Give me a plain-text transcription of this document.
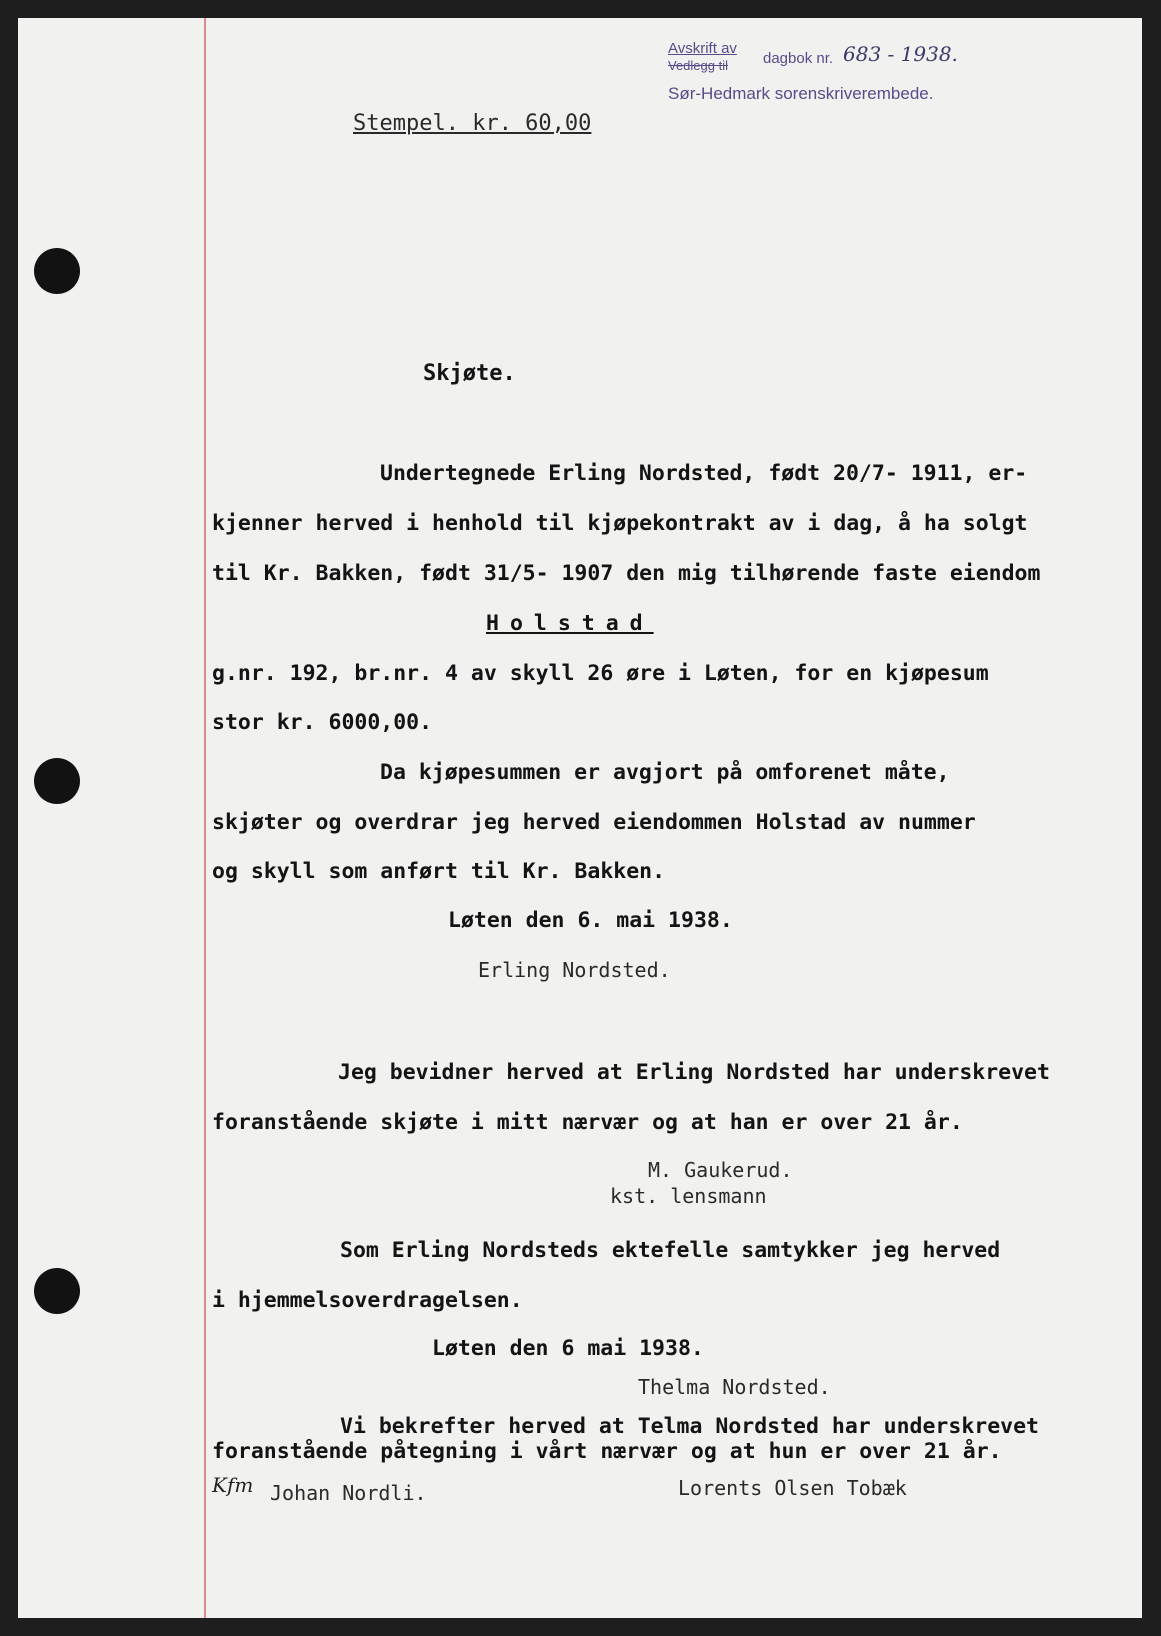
Avskrift av
Vedlegg til dagbok nr. 683 - 1938.
Sør-Hedmark sorenskriverembede.
Stempel. kr. 60,00
Skjøte.
Undertegnede Erling Nordsted, født 20/7- 1911, er-
kjenner herved i henhold til kjøpekontrakt av i dag, å ha solgt
til Kr. Bakken, født 31/5- 1907 den mig tilhørende faste eiendom
Holstad
g.nr. 192, br.nr. 4 av skyll 26 øre i Løten, for en kjøpesum
stor kr. 6000,00.
Da kjøpesummen er avgjort på omforenet måte,
skjøter og overdrar jeg herved eiendommen Holstad av nummer
og skyll som anført til Kr. Bakken.
Løten den 6. mai 1938.
Erling Nordsted.
Jeg bevidner herved at Erling Nordsted har underskrevet
foranstående skjøte i mitt nærvær og at han er over 21 år.
M. Gaukerud.
kst. lensmann
Som Erling Nordsteds ektefelle samtykker jeg herved
i hjemmelsoverdragelsen.
Løten den 6 mai 1938.
Thelma Nordsted.
Vi bekrefter herved at Telma Nordsted har underskrevet
foranstående påtegning i vårt nærvær og at hun er over 21 år.
Kfm Johan Nordli.	Lorents Olsen Tobæk
